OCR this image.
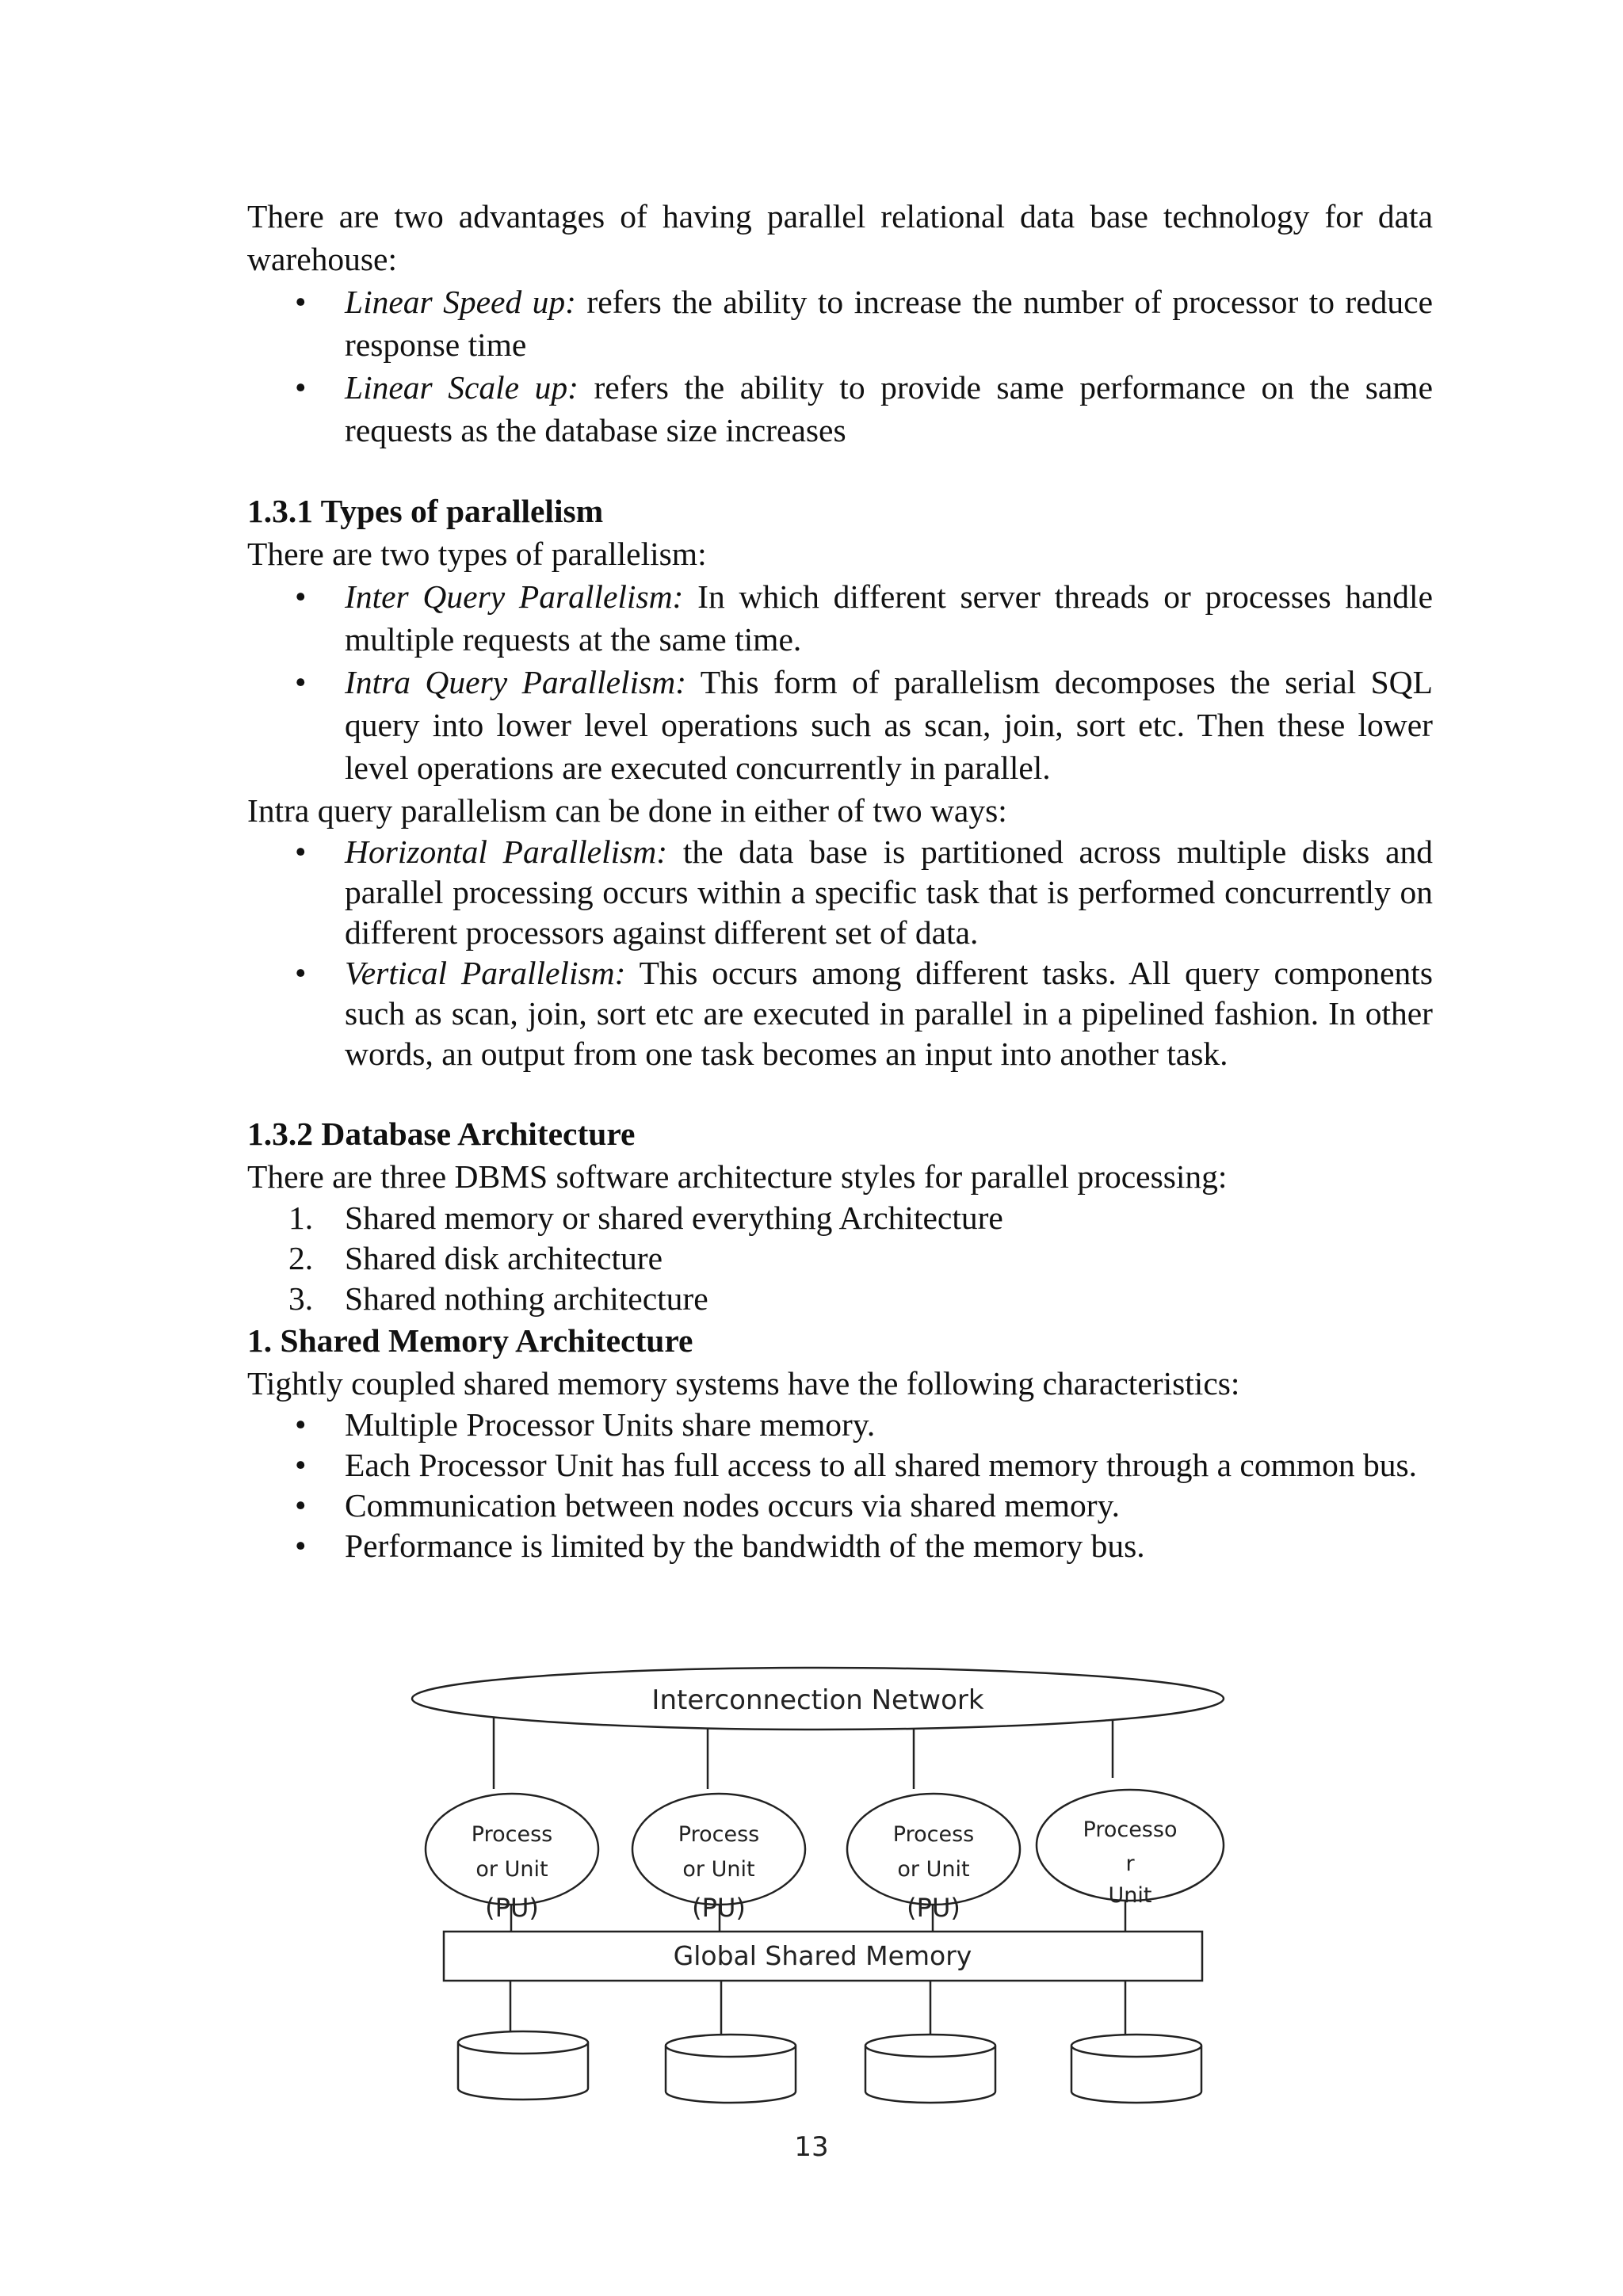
There are two advantages of having parallel relational data base technology for data warehouse:

• Linear Speed up: refers the ability to increase the number of processor to reduce response time
• Linear Scale up: refers the ability to provide same performance on the same requests as the database size increases

1.3.1 Types of parallelism

There are two types of parallelism:

• Inter Query Parallelism: In which different server threads or processes handle multiple requests at the same time.
• Intra Query Parallelism: This form of parallelism decomposes the serial SQL query into lower level operations such as scan, join, sort etc. Then these lower level operations are executed concurrently in parallel.

Intra query parallelism can be done in either of two ways:

• Horizontal Parallelism: the data base is partitioned across multiple disks and parallel processing occurs within a specific task that is performed concurrently on different processors against different set of data.
• Vertical Parallelism: This occurs among different tasks. All query components such as scan, join, sort etc are executed in parallel in a pipelined fashion. In other words, an output from one task becomes an input into another task.

1.3.2 Database Architecture

There are three DBMS software architecture styles for parallel processing:

1. Shared memory or shared everything Architecture
2. Shared disk architecture
3. Shared nothing architecture

1. Shared Memory Architecture

Tightly coupled shared memory systems have the following characteristics:

• Multiple Processor Units share memory.
• Each Processor Unit has full access to all shared memory through a common bus.
• Communication between nodes occurs via shared memory.
• Performance is limited by the bandwidth of the memory bus.
Interconnection Network
Process
or Unit
(PU)
Process
or Unit
(PU)
Process
or Unit
(PU)
Processo
r
Unit
Global Shared Memory
13
